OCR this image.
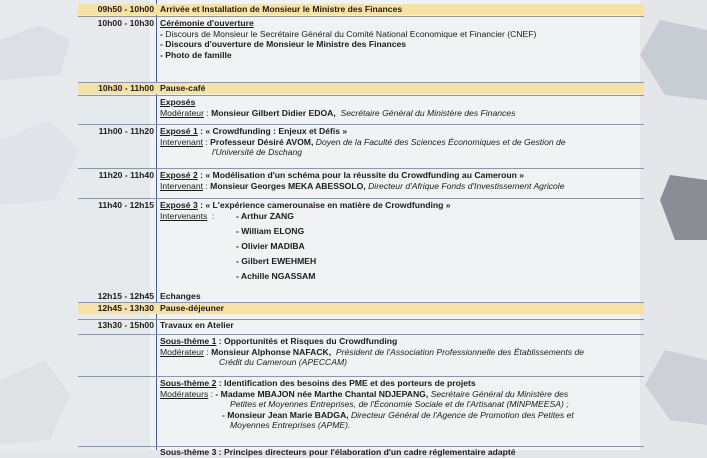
09h50 - 10h00 Arrivée et Installation de Monsieur le Ministre des Finances
10h00 - 10h30 Cérémonie d'ouverture
- Discours de Monsieur le Secrétaire Général du Comité National Economique et Financier (CNEF)
- Discours d'ouverture de Monsieur le Ministre des Finances
- Photo de famille
10h30 - 11h00 Pause-café
Exposés
Modérateur : Monsieur Gilbert Didier EDOA, Secrétaire Général du Ministère des Finances
11h00 - 11h20 Exposé 1 : « Crowdfunding : Enjeux et Défis »
Intervenant : Professeur Désiré AVOM, Doyen de la Faculté des Sciences Économiques et de Gestion de
l'Université de Dschang
11h20 - 11h40 Exposé 2 : « Modélisation d'un schéma pour la réussite du Crowdfunding au Cameroun »
Intervenant : Monsieur Georges MEKA ABESSOLO, Directeur d'Afrique Fonds d'Investissement Agricole
11h40 - 12h15 Exposé 3 : « L'expérience camerounaise en matière de Crowdfunding »
Intervenants :	- Arthur ZANG
- William ELONG
- Olivier MADIBA
- Gilbert EWEHMEH
- Achille NGASSAM
12h15 - 12h45 Echanges
12h45 - 13h30 Pause-déjeuner
13h30 - 15h00 Travaux en Atelier
Sous-thème 1 : Opportunités et Risques du Crowdfunding
Modérateur : Monsieur Alphonse NAFACK, Président de l'Association Professionnelle des Établissements de
Crédit du Cameroun (APECCAM)
Sous-thème 2 : Identification des besoins des PME et des porteurs de projets
Modérateurs : - Madame MBAJON née Marthe Chantal NDJEPANG, Secrétaire Général du Ministère des
Petites et Moyennes Entreprises, de l'Économie Sociale et de l'Artisanat (MINPMEESA) ;
- Monsieur Jean Marie BADGA, Directeur Général de l'Agence de Promotion des Petites et
Moyennes Entreprises (APME).
Sous-thème 3 : Principes directeurs pour l'élaboration d'un cadre réglementaire adapté
